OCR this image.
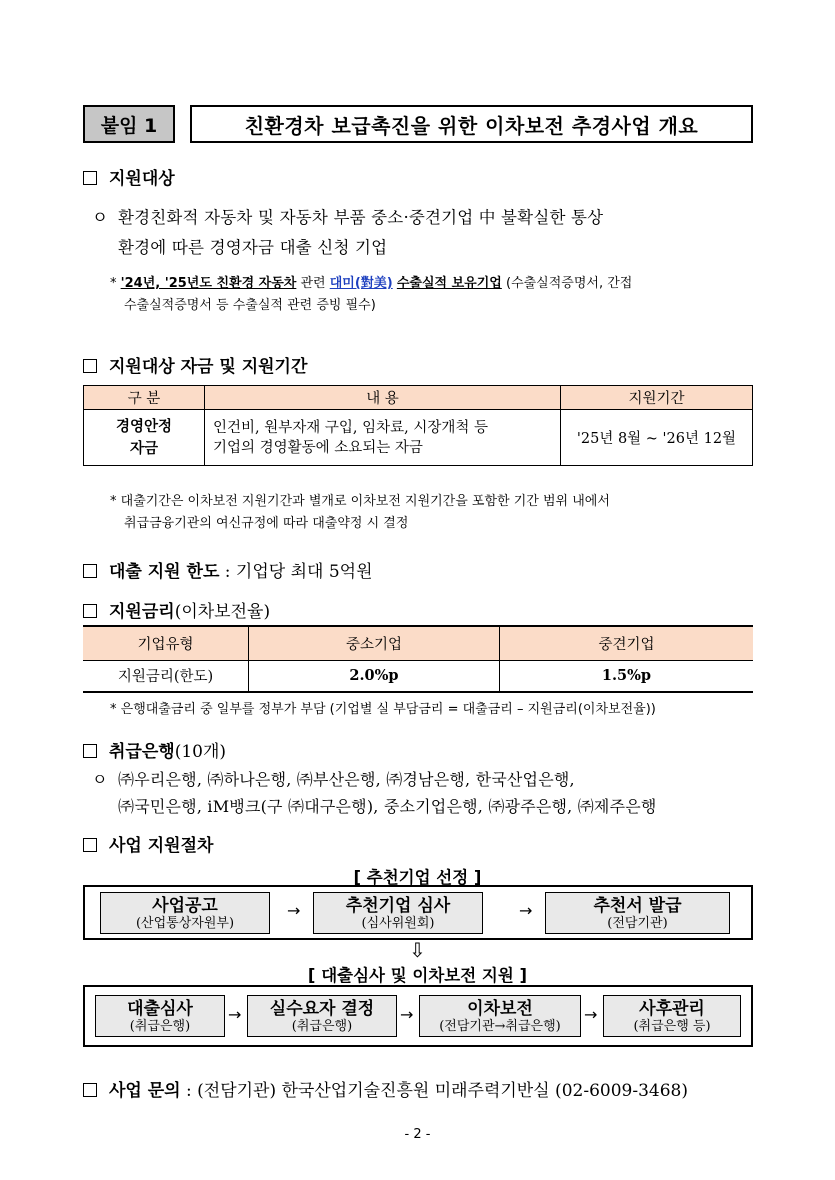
붙임 1	친환경차 보급촉진을 위한 이차보전 추경사업 개요
지원대상
ㅇ 환경친화적 자동차 및 자동차 부품 중소·중견기업 中 불확실한 통상
환경에 따른 경영자금 대출 신청 기업
* '24년, '25년도 친환경 자동차 관련 대미(對美) 수출실적 보유기업 (수출실적증명서, 간접
수출실적증명서 등 수출실적 관련 증빙 필수)
지원대상 자금 및 지원기간
구 분	내 용	지원기간
경영안정
자금	인건비, 원부자재 구입, 임차료, 시장개척 등
기업의 경영활동에 소요되는 자금	'25년 8월 ~ '26년 12월
* 대출기간은 이차보전 지원기간과 별개로 이차보전 지원기간을 포함한 기간 범위 내에서
취급금융기관의 여신규정에 따라 대출약정 시 결정
대출 지원 한도 : 기업당 최대 5억원
지원금리(이차보전율)
기업유형	중소기업	중견기업
지원금리(한도)	2.0%p	1.5%p
* 은행대출금리 중 일부를 정부가 부담 (기업별 실 부담금리 = 대출금리 – 지원금리(이차보전율))
취급은행(10개)
ㅇ ㈜우리은행, ㈜하나은행, ㈜부산은행, ㈜경남은행, 한국산업은행,
㈜국민은행, iM뱅크(구 ㈜대구은행), 중소기업은행, ㈜광주은행, ㈜제주은행
사업 지원절차
[ 추천기업 선정 ]
사업공고
(산업통상자원부)
→	추천기업 심사
(심사위원회)
→	추천서 발급
(전담기관)
⇩
[ 대출심사 및 이차보전 지원 ]
대출심사
(취급은행)
→	실수요자 결정
(취급은행)
→	이차보전
(전담기관→취급은행)
→	사후관리
(취급은행 등)
사업 문의 : (전담기관) 한국산업기술진흥원 미래주력기반실 (02-6009-3468)
- 2 -
